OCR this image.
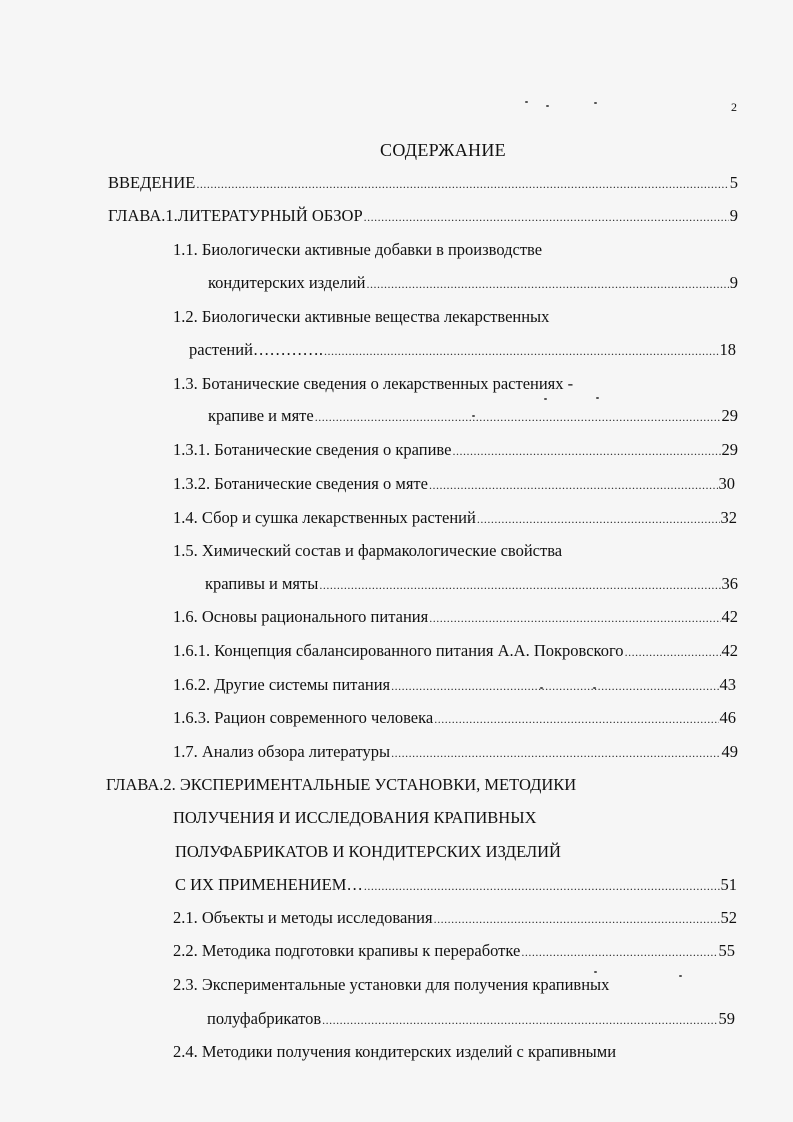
2
СОДЕРЖАНИЕ
ВВЕДЕНИЕ .....	5
ГЛАВА.1.ЛИТЕРАТУРНЫЙ ОБЗОР .....	9
1.1. Биологически активные добавки в производстве
кондитерских изделий .....	9
1.2. Биологически активные вещества лекарственных
растений…………. .....	18
1.3. Ботанические сведения о лекарственных растениях -
крапиве и мяте .....	29
1.3.1. Ботанические сведения о крапиве .....	29
1.3.2. Ботанические сведения о мяте .....	30
1.4. Сбор и сушка лекарственных растений .....	32
1.5. Химический состав и фармакологические свойства
крапивы и мяты .....	36
1.6. Основы рационального питания .....	42
1.6.1. Концепция сбалансированного питания А.А. Покровского .....	42
1.6.2. Другие системы питания .....	43
1.6.3. Рацион современного человека .....	46
1.7. Анализ обзора литературы .....	49
ГЛАВА.2. ЭКСПЕРИМЕНТАЛЬНЫЕ УСТАНОВКИ, МЕТОДИКИ
ПОЛУЧЕНИЯ И ИССЛЕДОВАНИЯ КРАПИВНЫХ
ПОЛУФАБРИКАТОВ И КОНДИТЕРСКИХ ИЗДЕЛИЙ
С ИХ ПРИМЕНЕНИЕМ… .....	51
2.1. Объекты и методы исследования .....	52
2.2. Методика подготовки крапивы к переработке .....	55
2.3. Экспериментальные установки для получения крапивных
полуфабрикатов .....	59
2.4. Методики получения кондитерских изделий с крапивными
